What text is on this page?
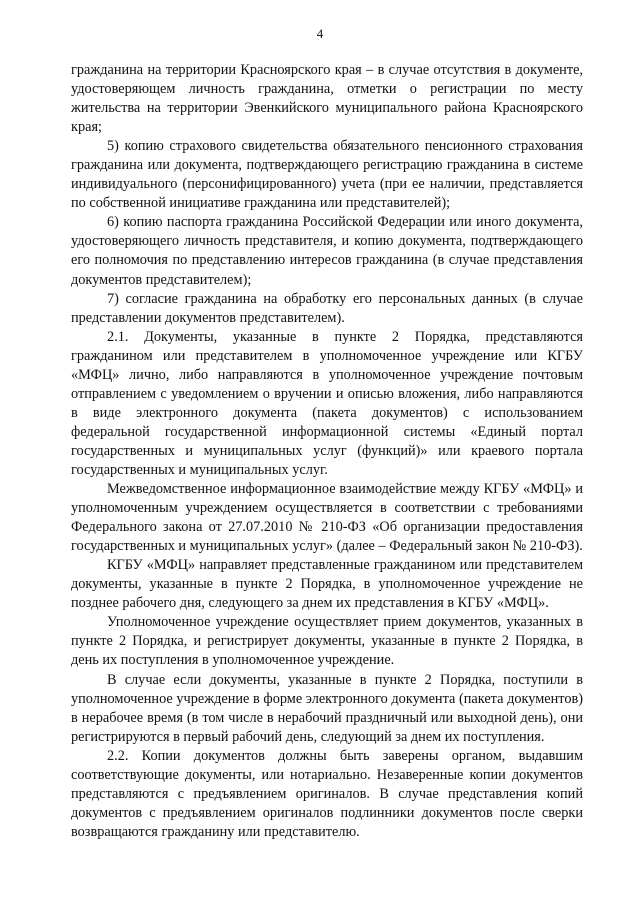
4

гражданина на территории Красноярского края – в случае отсутствия в документе, удостоверяющем личность гражданина, отметки о регистрации по месту жительства на территории Эвенкийского муниципального района Красноярского края;

5) копию страхового свидетельства обязательного пенсионного страхования гражданина или документа, подтверждающего регистрацию гражданина в системе индивидуального (персонифицированного) учета (при ее наличии, представляется по собственной инициативе гражданина или представителей);

6) копию паспорта гражданина Российской Федерации или иного документа, удостоверяющего личность представителя, и копию документа, подтверждающего его полномочия по представлению интересов гражданина (в случае представления документов представителем);

7) согласие гражданина на обработку его персональных данных (в случае представлении документов представителем).

2.1. Документы, указанные в пункте 2 Порядка, представляются гражданином или представителем в уполномоченное учреждение или КГБУ «МФЦ» лично, либо направляются в уполномоченное учреждение почтовым отправлением с уведомлением о вручении и описью вложения, либо направляются в виде электронного документа (пакета документов) с использованием федеральной государственной информационной системы «Единый портал государственных и муниципальных услуг (функций)» или краевого портала государственных и муниципальных услуг.

Межведомственное информационное взаимодействие между КГБУ «МФЦ» и уполномоченным учреждением осуществляется в соответствии с требованиями Федерального закона от 27.07.2010 № 210-ФЗ «Об организации предоставления государственных и муниципальных услуг» (далее – Федеральный закон № 210-ФЗ).

КГБУ «МФЦ» направляет представленные гражданином или представителем документы, указанные в пункте 2 Порядка, в уполномоченное учреждение не позднее рабочего дня, следующего за днем их представления в КГБУ «МФЦ».

Уполномоченное учреждение осуществляет прием документов, указанных в пункте 2 Порядка, и регистрирует документы, указанные в пункте 2 Порядка, в день их поступления в уполномоченное учреждение.

В случае если документы, указанные в пункте 2 Порядка, поступили в уполномоченное учреждение в форме электронного документа (пакета документов) в нерабочее время (в том числе в нерабочий праздничный или выходной день), они регистрируются в первый рабочий день, следующий за днем их поступления.

2.2. Копии документов должны быть заверены органом, выдавшим соответствующие документы, или нотариально. Незаверенные копии документов представляются с предъявлением оригиналов. В случае представления копий документов с предъявлением оригиналов подлинники документов после сверки возвращаются гражданину или представителю.
